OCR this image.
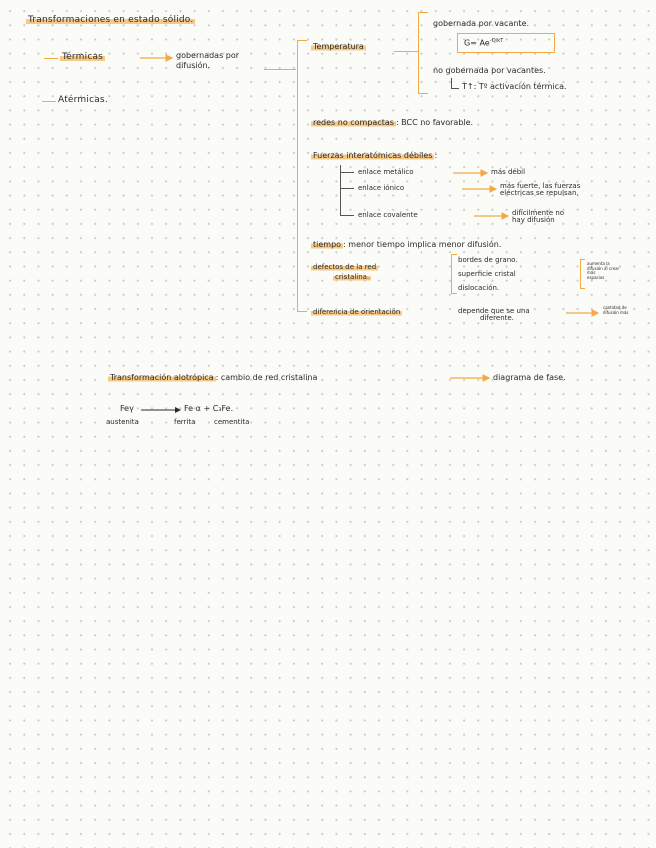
Transformaciones en estado sólido.
Térmicas	gobernadas por
difusión.
Atérmicas.
Temperatura
gobernada por vacante.
$G= Ae^{-Q/kT}$
no gobernada por vacantes.
T↑: Tº activación térmica.
redes no compactas : BCC no favorable.
Fuerzas interatómicas débiles :
enlace metálico	más débil
enlace iónico	más fuerte, las fuerzas
eléctricas se repulsan.
enlace covalente	difícilmente no
hay difusión
tiempo : menor tiempo implica menor difusión.
defectos de la red
cristalina.
bordes de grano.
superficie cristal
dislocación.
aumenta la
difusión al crear
más
espacios
diferencia de orientación	depende que se una
diferente.
cantidad de
difusión más
Transformación alotrópica : cambio de red cristalina	diagrama de fase.
Feγ	Fe α + C₃Fe.
austenita	ferrita	cementita
